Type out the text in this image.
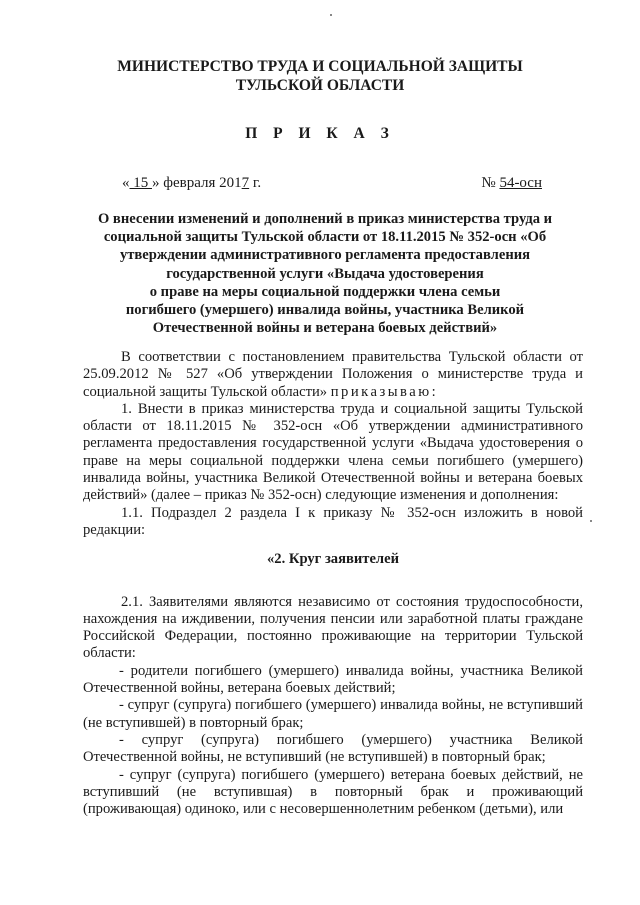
МИНИСТЕРСТВО ТРУДА И СОЦИАЛЬНОЙ ЗАЩИТЫ
ТУЛЬСКОЙ ОБЛАСТИ
П Р И К А З
« 15 » февраля 2017 г.	№ 54-осн
О внесении изменений и дополнений в приказ министерства труда и
социальной защиты Тульской области от 18.11.2015 № 352-осн «Об
утверждении административного регламента предоставления
государственной услуги «Выдача удостоверения
о праве на меры социальной поддержки члена семьи
погибшего (умершего) инвалида войны, участника Великой
Отечественной войны и ветерана боевых действий»

В соответствии с постановлением правительства Тульской области от 25.09.2012 № 527 «Об утверждении Положения о министерстве труда и социальной защиты Тульской области» приказываю:

1. Внести в приказ министерства труда и социальной защиты Тульской области от 18.11.2015 № 352-осн «Об утверждении административного регламента предоставления государственной услуги «Выдача удостоверения о праве на меры социальной поддержки члена семьи погибшего (умершего) инвалида войны, участника Великой Отечественной войны и ветерана боевых действий» (далее – приказ № 352-осн) следующие изменения и дополнения:

1.1. Подраздел 2 раздела I к приказу № 352-осн изложить в новой редакции:

«2. Круг заявителей

2.1. Заявителями являются независимо от состояния трудоспособности, нахождения на иждивении, получения пенсии или заработной платы граждане Российской Федерации, постоянно проживающие на территории Тульской области:

- родители погибшего (умершего) инвалида войны, участника Великой Отечественной войны, ветерана боевых действий;

- супруг (супруга) погибшего (умершего) инвалида войны, не вступивший (не вступившей) в повторный брак;

- супруг (супруга) погибшего (умершего) участника Великой Отечественной войны, не вступивший (не вступившей) в повторный брак;

- супруг (супруга) погибшего (умершего) ветерана боевых действий, не вступивший (не вступившая) в повторный брак и проживающий (проживающая) одиноко, или с несовершеннолетним ребенком (детьми), или
